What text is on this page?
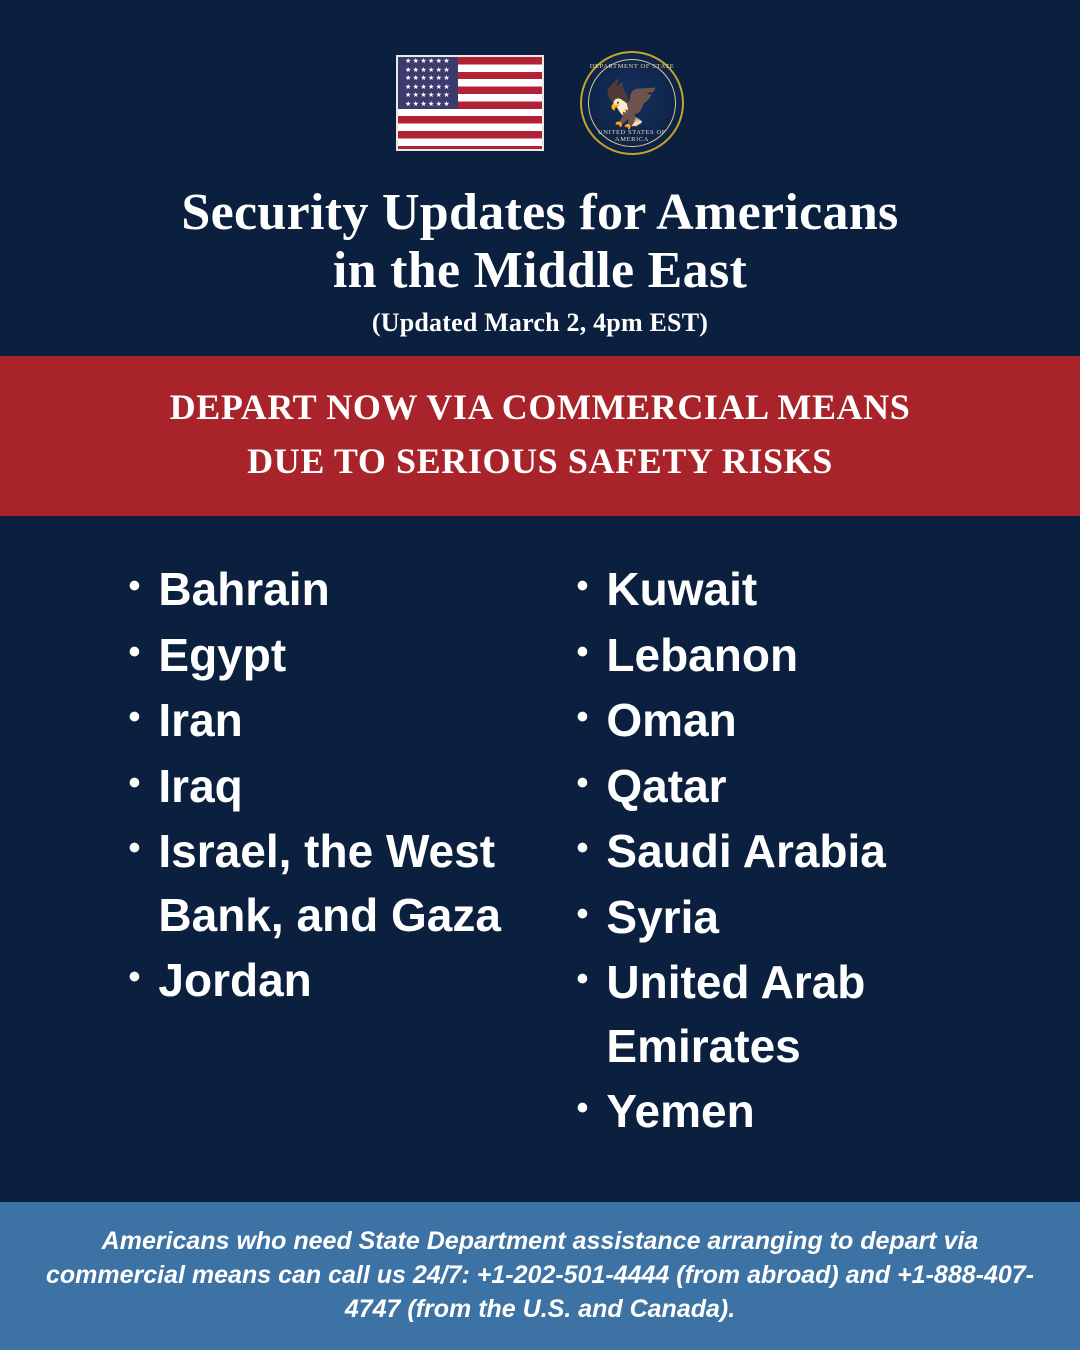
★★★★★★
★★★★★★
★★★★★★
★★★★★★
★★★★★★
★★★★★★
DEPARTMENT OF STATE
🦅
UNITED STATES OF AMERICA
Security Updates for Americans
in the Middle East
(Updated March 2, 4pm EST)
DEPART NOW VIA COMMERCIAL MEANS
DUE TO SERIOUS SAFETY RISKS
• Bahrain
• Egypt
• Iran
• Iraq
• Israel, the West Bank, and Gaza
• Jordan
• Kuwait
• Lebanon
• Oman
• Qatar
• Saudi Arabia
• Syria
• United Arab Emirates
• Yemen
Americans who need State Department assistance arranging to depart via commercial means can call us 24/7: +1-202-501-4444 (from abroad) and +1-888-407-4747 (from the U.S. and Canada).
